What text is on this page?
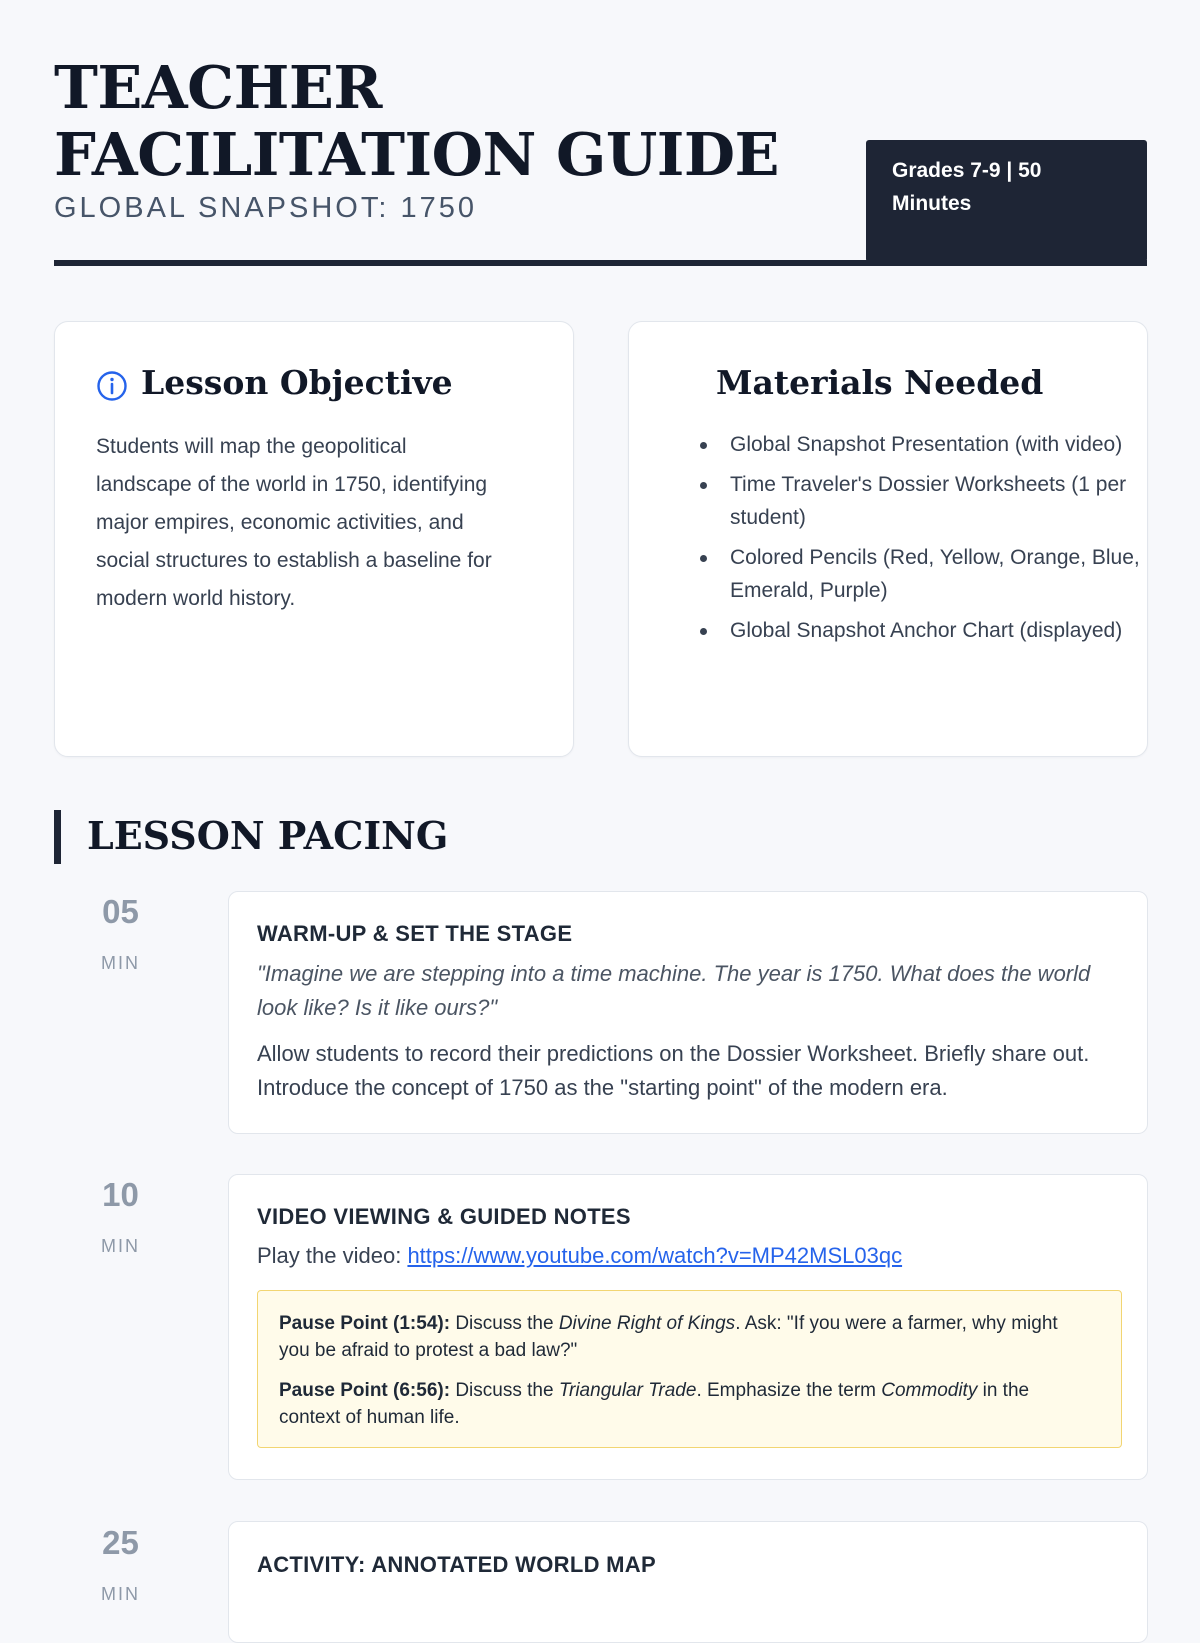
TEACHER FACILITATION GUIDE
GLOBAL SNAPSHOT: 1750
Grades 7-9 | 50 Minutes
Lesson Objective
Students will map the geopolitical landscape of the world in 1750, identifying major empires, economic activities, and social structures to establish a baseline for modern world history.
Materials Needed
Global Snapshot Presentation (with video)
Time Traveler's Dossier Worksheets (1 per student)
Colored Pencils (Red, Yellow, Orange, Blue, Emerald, Purple)
Global Snapshot Anchor Chart (displayed)
LESSON PACING
05
MIN
WARM-UP & SET THE STAGE
"Imagine we are stepping into a time machine. The year is 1750. What does the world look like? Is it like ours?"
Allow students to record their predictions on the Dossier Worksheet. Briefly share out. Introduce the concept of 1750 as the "starting point" of the modern era.
10
MIN
VIDEO VIEWING & GUIDED NOTES
Play the video: https://www.youtube.com/watch?v=MP42MSL03qc
Pause Point (1:54): Discuss the Divine Right of Kings. Ask: "If you were a farmer, why might you be afraid to protest a bad law?"
Pause Point (6:56): Discuss the Triangular Trade. Emphasize the term Commodity in the context of human life.
25
MIN
ACTIVITY: ANNOTATED WORLD MAP
